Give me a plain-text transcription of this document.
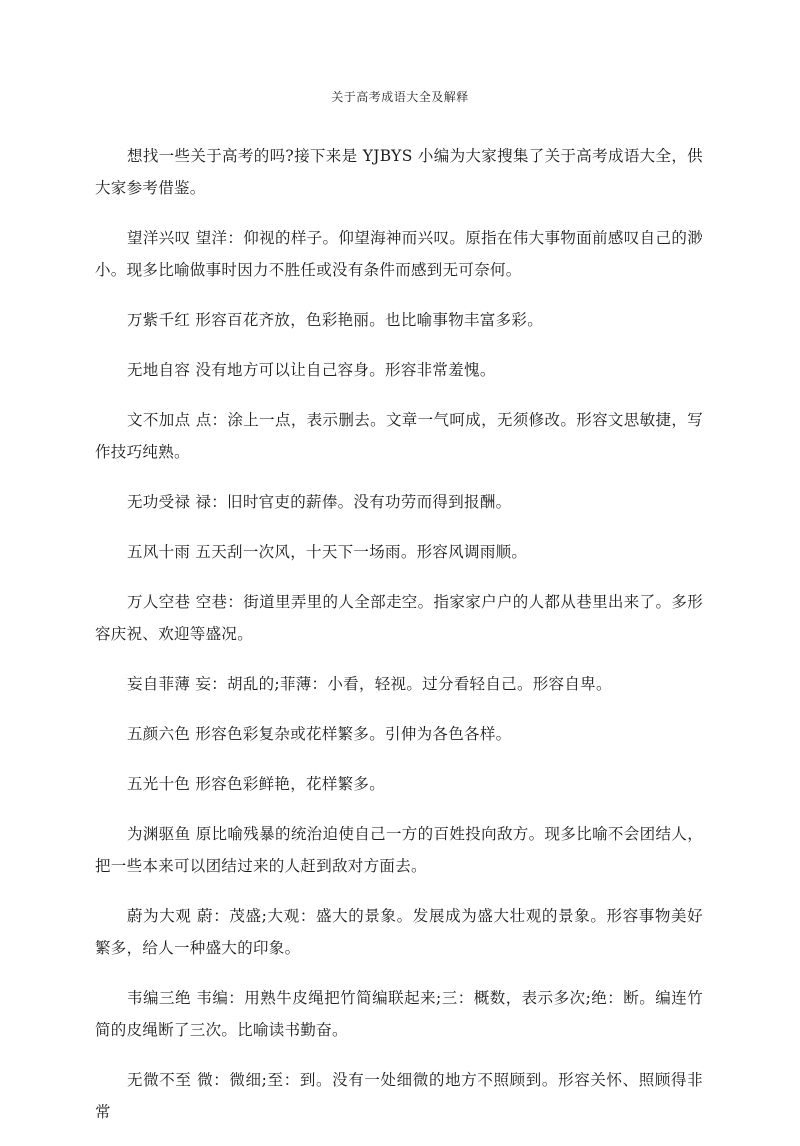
关于高考成语大全及解释

想找一些关于高考的吗?接下来是 YJBYS 小编为大家搜集了关于高考成语大全，供大家参考借鉴。

望洋兴叹 望洋：仰视的样子。仰望海神而兴叹。原指在伟大事物面前感叹自己的渺小。现多比喻做事时因力不胜任或没有条件而感到无可奈何。

万紫千红 形容百花齐放，色彩艳丽。也比喻事物丰富多彩。

无地自容 没有地方可以让自己容身。形容非常羞愧。

文不加点 点：涂上一点，表示删去。文章一气呵成，无须修改。形容文思敏捷，写作技巧纯熟。

无功受禄 禄：旧时官吏的薪俸。没有功劳而得到报酬。

五风十雨 五天刮一次风，十天下一场雨。形容风调雨顺。

万人空巷 空巷：街道里弄里的人全部走空。指家家户户的人都从巷里出来了。多形容庆祝、欢迎等盛况。

妄自菲薄 妄：胡乱的;菲薄：小看，轻视。过分看轻自己。形容自卑。

五颜六色 形容色彩复杂或花样繁多。引伸为各色各样。

五光十色 形容色彩鲜艳，花样繁多。

为渊驱鱼 原比喻残暴的统治迫使自己一方的百姓投向敌方。现多比喻不会团结人，把一些本来可以团结过来的人赶到敌对方面去。

蔚为大观 蔚：茂盛;大观：盛大的景象。发展成为盛大壮观的景象。形容事物美好繁多，给人一种盛大的印象。

韦编三绝 韦编：用熟牛皮绳把竹简编联起来;三：概数，表示多次;绝：断。编连竹简的皮绳断了三次。比喻读书勤奋。

无微不至 微：微细;至：到。没有一处细微的地方不照顾到。形容关怀、照顾得非常
